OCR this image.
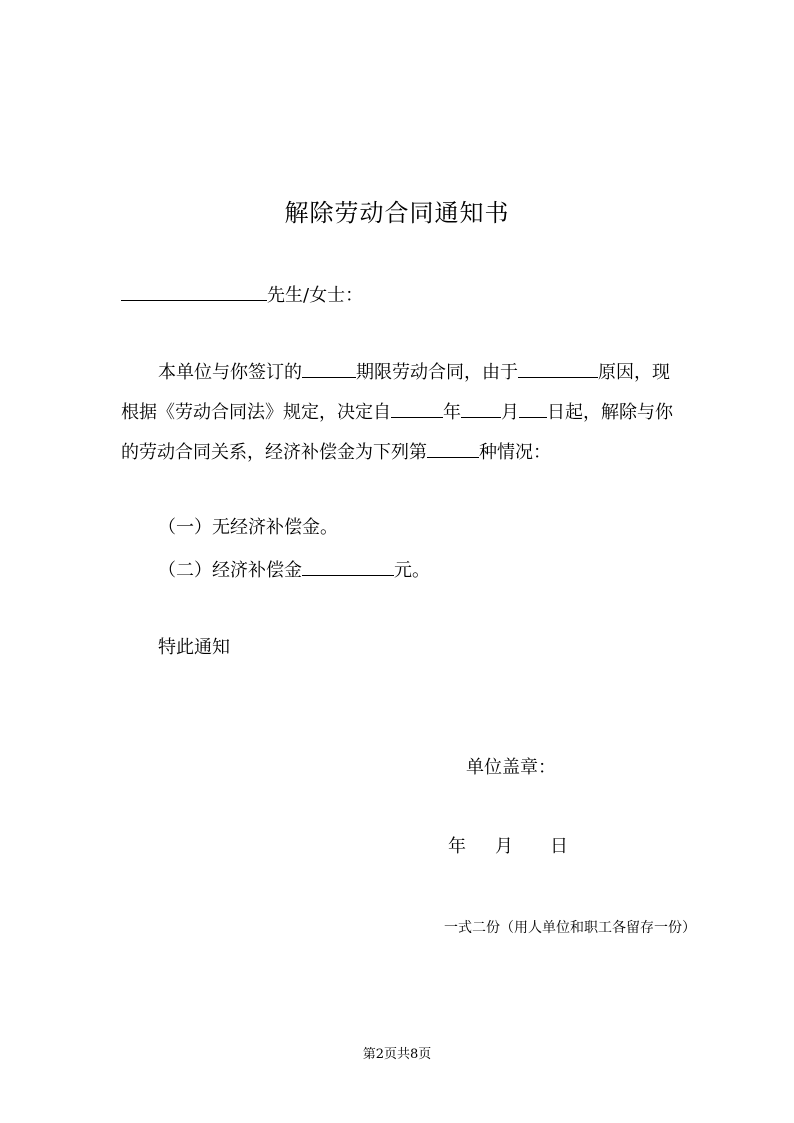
解除劳动合同通知书
先生/女士：
本单位与你签订的	期限劳动合同，由于	原因，现
根据《劳动合同法》规定，决定自	年 月 日起，解除与你
的劳动合同关系，经济补偿金为下列第	种情况：
（一）无经济补偿金。
（二）经济补偿金	元。
特此通知
单位盖章：
年 月 日
一式二份（用人单位和职工各留存一份）
第2页共8页
